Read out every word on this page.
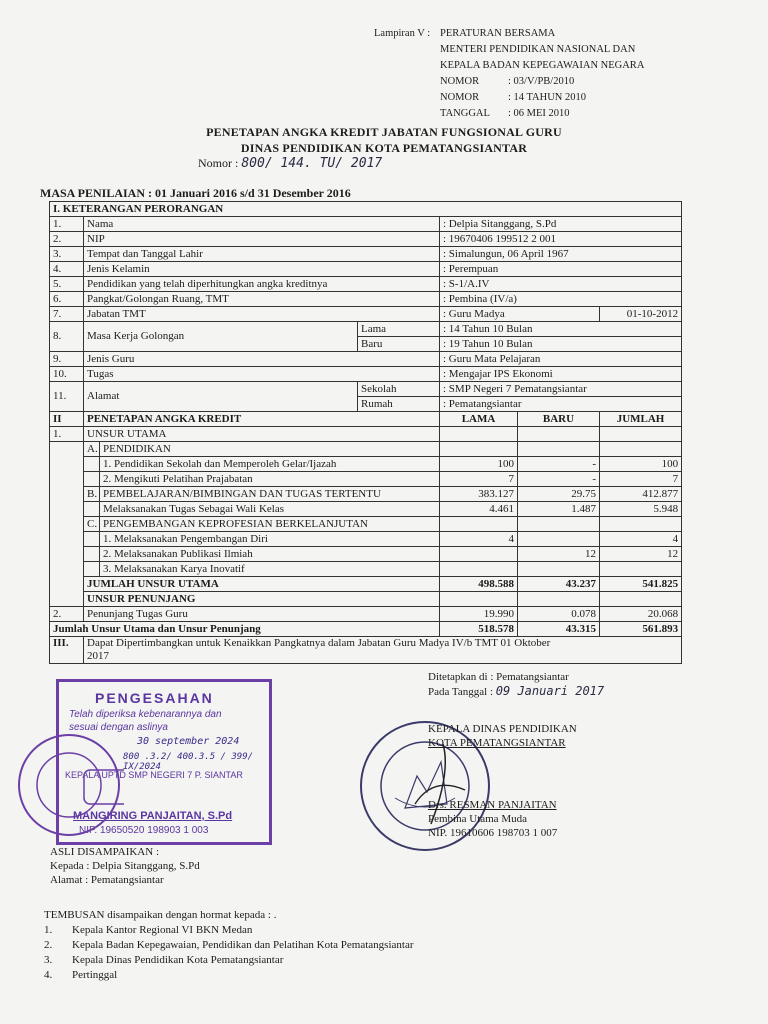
Lampiran V : PERATURAN BERSAMA
MENTERI PENDIDIKAN NASIONAL DAN
KEPALA BADAN KEPEGAWAIAN NEGARA
NOMOR	: 03/V/PB/2010
NOMOR	: 14 TAHUN 2010
TANGGAL	: 06 MEI 2010
PENETAPAN ANGKA KREDIT JABATAN FUNGSIONAL GURU
DINAS PENDIDIKAN KOTA PEMATANGSIANTAR
Nomor : 800/ 144. TU/ 2017
MASA PENILAIAN : 01 Januari 2016 s/d 31 Desember 2016
I. KETERANGAN PERORANGAN						
1.	Nama			: Delpia Sitanggang, S.Pd		
2.	NIP			: 19670406 199512 2 001		
3.	Tempat dan Tanggal Lahir			: Simalungun, 06 April 1967		
4.	Jenis Kelamin			: Perempuan		
5.	Pendidikan yang telah diperhitungkan angka kreditnya			: S-1/A.IV		
6.	Pangkat/Golongan Ruang, TMT			: Pembina (IV/a)		
7.	Jabatan TMT			: Guru Madya		01-10-2012
8.	Masa Kerja Golongan		Lama	: 14 Tahun 10 Bulan		
			Baru	: 19 Tahun 10 Bulan		
9.	Jenis Guru			: Guru Mata Pelajaran		
10.	Tugas			: Mengajar IPS Ekonomi		
11.	Alamat		Sekolah	: SMP Negeri 7 Pematangsiantar		
			Rumah	: Pematangsiantar		
II	PENETAPAN ANGKA KREDIT			LAMA	BARU	JUMLAH
1.	UNSUR UTAMA					
	A.	PENDIDIKAN				
		1. Pendidikan Sekolah dan Memperoleh Gelar/Ijazah		100	-	100
		2. Mengikuti Pelatihan Prajabatan		7	-	7
	B.	PEMBELAJARAN/BIMBINGAN DAN TUGAS TERTENTU		383.127	29.75	412.877
		Melaksanakan Tugas Sebagai Wali Kelas		4.461	1.487	5.948
	C.	PENGEMBANGAN KEPROFESIAN BERKELANJUTAN				
		1. Melaksanakan Pengembangan Diri		4		4
		2. Melaksanakan Publikasi Ilmiah			12	12
		3. Melaksanakan Karya Inovatif				
	JUMLAH UNSUR UTAMA			498.588	43.237	541.825
	UNSUR PENUNJANG					
2.	Penunjang Tugas Guru			19.990	0.078	20.068
Jumlah Unsur Utama dan Unsur Penunjang				518.578	43.315	561.893
III.	Dapat Dipertimbangkan untuk Kenaikkan Pangkatnya dalam Jabatan Guru Madya IV/b TMT 01 Oktober
2017					
Ditetapkan di : Pematangsiantar
Pada Tanggal : 09 Januari 2017
KEPALA DINAS PENDIDIKAN
KOTA PEMATANGSIANTAR
Drs. RESMAN PANJAITAN
Pembina Utama Muda
NIP. 19610606 198703 1 007
PENGESAHAN
Telah diperiksa kebenarannya dan
sesuai dengan aslinya
30 september 2024
800 .3.2/ 400.3.5 / 399/ IX/2024
KEPALA UPTD SMP NEGERI 7 P. SIANTAR
MANGIRING PANJAITAN, S.Pd
NIP. 19650520 198903 1 003
ASLI DISAMPAIKAN :
Kepada : Delpia Sitanggang, S.Pd
Alamat : Pematangsiantar
TEMBUSAN disampaikan dengan hormat kepada : .
1. Kepala Kantor Regional VI BKN Medan
2. Kepala Badan Kepegawaian, Pendidikan dan Pelatihan Kota Pematangsiantar
3. Kepala Dinas Pendidikan Kota Pematangsiantar
4. Pertinggal
